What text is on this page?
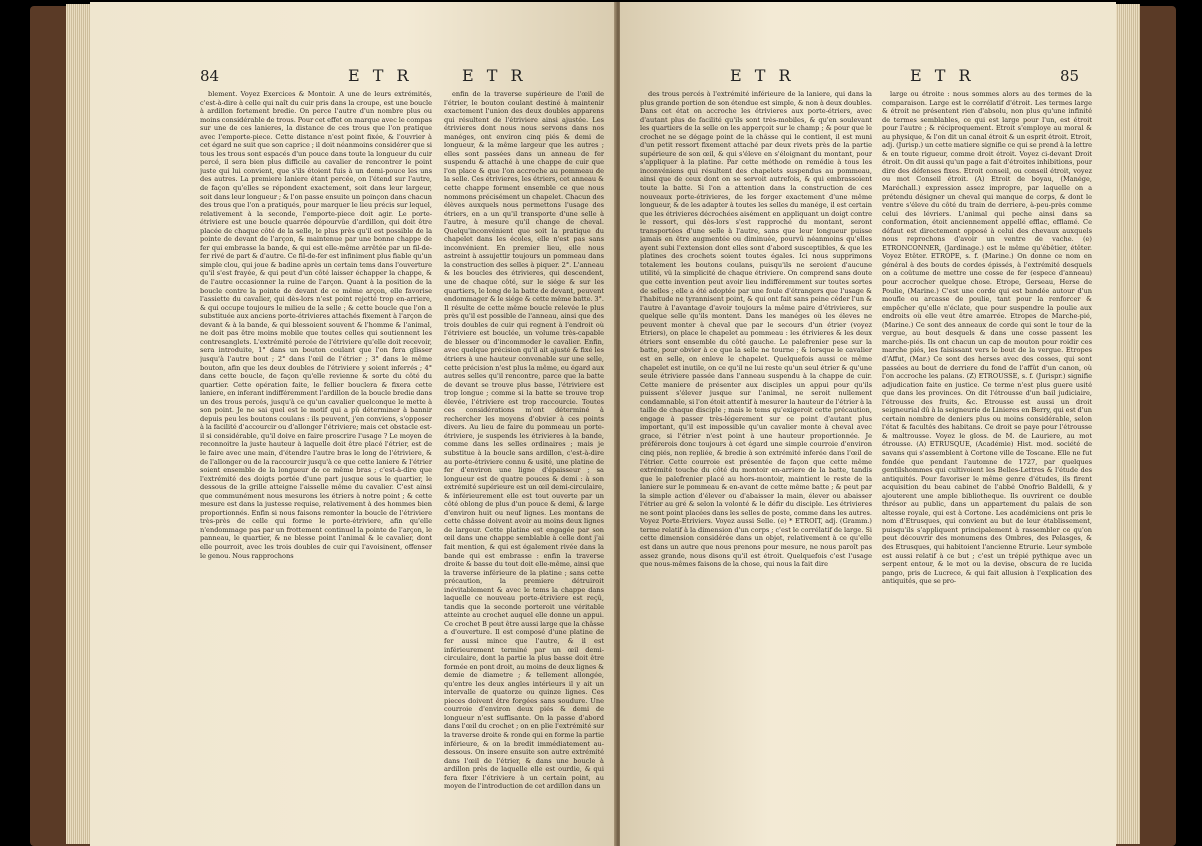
84	E T R	E T R

blement. Voyez Exercices & Montoir. A une de leurs extrémités, c'est-à-dire à celle qui naît du cuir pris dans la croupe, est une boucle à ardillon fortement bredie. On perce l'autre d'un nombre plus ou moins considérable de trous. Pour cet effet on marque avec le compas sur une de ces lanieres, la distance de ces trous que l'on pratique avec l'emporte-piece. Cette distance n'est point fixée, & l'ouvrier à cet égard ne suit que son caprice ; il doit néanmoins considérer que si tous les trous sont espacés d'un pouce dans toute la longueur du cuir percé, il sera bien plus difficile au cavalier de rencontrer le point juste qui lui convient, que s'ils étoient fuis à un demi-pouce les uns des autres. La premiere laniere étant percée, on l'étend sur l'autre, de façon qu'elles se répondent exactement, soit dans leur largeur, soit dans leur longueur ; & l'on passe ensuite un poinçon dans chacun des trous que l'on a pratiqués, pour marquer le lieu précis sur lequel, relativement à la seconde, l'emporte-piece doit agir. Le porte-étriviere est une boucle quarrée dépourvûe d'ardillon, qui doit être placée de chaque côté de la selle, le plus près qu'il est possible de la pointe de devant de l'arçon, & maintenue par une bonne chappe de fer qui embrasse la bande, & qui est elle-même arrêtée par un fil-de-fer rivé de part & d'autre. Ce fil-de-fer est infiniment plus fiable qu'un simple clou, qui joue & badine après un certain tems dans l'ouverture qu'il s'est frayée, & qui peut d'un côté laisser échapper la chappe, & de l'autre occasionner la ruine de l'arçon. Quant à la position de la boucle contre la pointe de devant de ce même arçon, elle favorise l'assiette du cavalier, qui dès-lors n'est point rejetté trop en-arriere, & qui occupe toujours le milieu de la selle ; & cette boucle que l'on a substituée aux anciens porte-étrivieres attachés fixement à l'arçon de devant & à la bande, & qui blessoient souvent & l'homme & l'animal, ne doit pas être moins mobile que toutes celles qui soutiennent les contresanglets. L'extrémité percée de l'étriviere qu'elle doit recevoir, sera introduite, 1° dans un bouton coulant que l'on fera glisser jusqu'à l'autre bout ; 2° dans l'œil de l'étrier ; 3° dans le même bouton, afin que les deux doubles de l'étriviere y soient inferrés ; 4° dans cette boucle, de façon qu'elle revienne & sorte du côté du quartier. Cette opération faite, le fellier bouclera & fixera cette laniere, en inferant indifféremment l'ardillon de la boucle bredie dans un des trous percés, jusqu'à ce qu'un cavalier quelconque le mette à son point. Je ne sai quel est le motif qui a pû déterminer à bannir depuis peu les boutons coulans : ils peuvent, j'en conviens, s'opposer à la facilité d'accourcir ou d'allonger l'étriviere; mais cet obstacle est-il si considérable, qu'il doive en faire proscrire l'usage ? Le moyen de reconnoitre la juste hauteur à laquelle doit être placé l'étrier, est de le faire avec une main, d'étendre l'autre bras le long de l'étriviere, & de l'allonger ou de la raccourcir jusqu'à ce que cette laniere & l'étrier soient ensemble de la longueur de ce même bras ; c'est-à-dire que l'extrémité des doigts portée d'une part jusque sous le quartier, le dessous de la grille atteigne l'aisselle même du cavalier. C'est ainsi que communément nous mesurons les étriers à notre point ; & cette mesure est dans la justesse requise, relativement à des hommes bien proportionnés. Enfin si nous faisons remonter la boucle de l'étriviere très-près de celle qui forme le porte-étriviere, afin qu'elle n'endommage pas par un frottement continuel la pointe de l'arçon, le panneau, le quartier, & ne blesse point l'animal & le cavalier, dont elle pourroit, avec les trois doubles de cuir qui l'avoisinent, offenser le genou. Nous rapprochons

enfin de la traverse supérieure de l'œil de l'étrier, le bouton coulant destiné à maintenir exactement l'union des deux doubles apparens qui résultent de l'étriviere ainsi ajustée. Les étrivieres dont nous nous servons dans nos manéges, ont environ cinq piés & demi de longueur, & la même largeur que les autres ; elles sont passées dans un anneau de fer suspendu & attaché à une chappe de cuir que l'on place & que l'on accroche au pommeau de la selle. Ces étrivieres, les étriers, cet anneau & cette chappe forment ensemble ce que nous nommons précisément un chapelet. Chacun des élèves auxquels nous permettons l'usage des étriers, en a un qu'il transporte d'une selle à l'autre, à mesure qu'il change de cheval. Quelqu'inconvénient que soit la pratique du chapelet dans les écoles, elle n'est pas sans inconvénient. En premier lieu, elle nous astreint à assujettir toujours un pommeau dans la construction des selles à piquer. 2°. L'anneau & les boucles des étrivieres, qui descendent, une de chaque côté, sur le siége & sur les quartiers, le long de la batte de devant, peuvent endommager & le siége & cette même batte. 3°. Il résulte de cette même boucle relevée le plus près qu'il est possible de l'anneau, ainsi que des trois doubles de cuir qui regnent à l'endroit où l'étriviere est bouclée, un volume très-capable de blesser ou d'incommoder le cavalier. Enfin, avec quelque précision qu'il ait ajusté & fixé les étriers à une hauteur convenable sur une selle, cette précision n'est plus la même, eu égard aux autres selles qu'il rencontre, parce que la batte de devant se trouve plus basse, l'étriviere est trop longue ; comme si la batte se trouve trop élevée, l'étriviere est trop raccourcie. Toutes ces considérations m'ont déterminé à rechercher les moyens d'obvier à ces points divers. Au lieu de faire du pommeau un porte-étriviere, je suspends les étrivieres à la bande, comme dans les selles ordinaires ; mais je substitue à la boucle sans ardillon, c'est-à-dire au porte-étriviere connu & usité, une platine de fer d'environ une ligne d'épaisseur ; sa longueur est de quatre pouces & demi : à son extrémité supérieure est un œil demi-circulaire, & inférieurement elle est tout ouverte par un côté oblong de plus d'un pouce & demi, & large d'environ huit ou neuf lignes. Les montans de cette châsse doivent avoir au moins deux lignes de largeur. Cette platine est engagée par son œil dans une chappe semblable à celle dont j'ai fait mention, & qui est également rivée dans la bande qui est embrasse : enfin la traverse droite & basse du tout doit elle-même, ainsi que la traverse inférieure de la platine ; sans cette précaution, la premiere détruiroit inévitablement & avec le tems la chappe dans laquelle ce nouveau porte-étriviere est reçû, tandis que la seconde porteroit une véritable atteinte au crochet auquel elle donne un appui. Ce crochet B peut être aussi large que la châsse a d'ouverture. Il est composé d'une platine de fer aussi mince que l'autre, & il est inférieurement terminé par un œil demi-circulaire, dont la partie la plus basse doit être formée en pont droit, au moins de deux lignes & demie de diametre ; & tellement allongée, qu'entre les deux angles intérieurs il y ait un intervalle de quatorze ou quinze lignes. Ces pieces doivent être forgées sans soudure. Une courroie d'environ deux piés & demi de longueur n'est suffisante. On la passe d'abord dans l'œil du crochet ; on en plie l'extrémité sur la traverse droite & ronde qui en forme la partie inférieure, & on la bredit immédiatement au-dessous. On insere ensuite son autre extrémité dans l'œil de l'étrier, & dans une boucle à ardillon près de laquelle elle est ourdie, & qui fera fixer l'étriviere à un certain point, au moyen de l'introduction de cet ardillon dans un

E T R	E T R	85

des trous percés à l'extrémité inférieure de la laniere, qui dans la plus grande portion de son étendue est simple, & non à deux doubles. Dans cet état on accroche les étrivieres aux porte-étriers, avec d'autant plus de facilité qu'ils sont très-mobiles, & qu'en soulevant les quartiers de la selle on les apperçoit sur le champ ; & pour que le crochet ne se dégage point de la châsse qui le contient, il est muni d'un petit ressort fixement attaché par deux rivets près de la partie supérieure de son œil, & qui s'éleve en s'éloignant du montant, pour s'appliquer à la platine. Par cette méthode on remédie à tous les inconvéniens qui résultent des chapelets suspendus au pommeau, ainsi que de ceux dont on se servoit autrefois, & qui embrassoient toute la batte. Si l'on a attention dans la construction de ces nouveaux porte-étrivieres, de les forger exactement d'une même longueur, & de les adapter à toutes les selles du manége, il est certain que les étrivieres décrochées aisément en appliquant un doigt contre le ressort, qui dès-lors s'est rapproché du montant, seront transportées d'une selle à l'autre, sans que leur longueur puisse jamais en être augmentée ou diminuée, pourvû néanmoins qu'elles ayent subi l'extension dont elles sont d'abord susceptibles, & que les platines des crochets soient toutes égales. Ici nous supprimons totalement les boutons coulans, puisqu'ils ne seroient d'aucune utilité, vû la simplicité de chaque étriviere. On comprend sans doute que cette invention peut avoir lieu indifféremment sur toutes sortes de selles ; elle a été adoptée par une foule d'étrangers que l'usage & l'habitude ne tyrannisent point, & qui ont fait sans peine céder l'un & l'autre à l'avantage d'avoir toujours la même paire d'étrivieres, sur quelque selle qu'ils montent. Dans les manéges où les éleves ne peuvent monter à cheval que par le secours d'un étrier (voyez Etriers), on place le chapelet au pommeau : les étrivieres & les deux étriers sont ensemble du côté gauche. Le palefrenier pese sur la batte, pour obvier à ce que la selle ne tourne ; & lorsque le cavalier est en selle, on enleve le chapelet. Quelquefois aussi ce même chapelet est inutile, on ce qu'il ne lui reste qu'un seul étrier & qu'une seule étriviere passée dans l'anneau suspendu à la chappe de cuir. Cette maniere de présenter aux disciples un appui pour qu'ils puissent s'élever jusque sur l'animal, ne seroit nullement condamnable, si l'on étoit attentif à mesurer la hauteur de l'étrier à la taille de chaque disciple ; mais le tems qu'exigeroit cette précaution, engage à passer très-légerement sur ce point d'autant plus important, qu'il est impossible qu'un cavalier monte à cheval avec grace, si l'étrier n'est point à une hauteur proportionnée. Je préférerois donc toujours à cet égard une simple courroie d'environ cinq piés, non repliée, & bredie à son extrémité inferée dans l'œil de l'étrier. Cette courroie est présentée de façon que cette même extrémité touche du côté du montoir en-arriere de la batte, tandis que le palefrenier placé au hors-montoir, maintient le reste de la laniere sur le pommeau & en-avant de cette même batte ; & peut par la simple action d'élever ou d'abaisser la main, élever ou abaisser l'étrier au gré & selon la volonté & le défir du disciple. Les étrivieres ne sont point placées dans les selles de poste, comme dans les autres. Voyez Porte-Etriviers. Voyez aussi Selle. (e) * ETROIT, adj. (Gramm.) terme relatif à la dimension d'un corps ; c'est le corrélatif de large. Si cette dimension considérée dans un objet, relativement à ce qu'elle est dans un autre que nous prenons pour mesure, ne nous paroît pas assez grande, nous disons qu'il est étroit. Quelquefois c'est l'usage que nous-mêmes faisons de la chose, qui nous la fait dire

large ou étroite : nous sommes alors au des termes de la comparaison. Large est le corrélatif d'étroit. Les termes large & étroit ne présentent rien d'absolu, non plus qu'une infinité de termes semblables, ce qui est large pour l'un, est étroit pour l'autre ; & réciproquement. Etroit s'employe au moral & au physique, & l'on dit un canal étroit & un esprit étroit. Etroit, adj. (Jurisp.) un cette matiere signifie ce qui se prend à la lettre & en toute rigueur, comme droit étroit. Voyez ci-devant Droit étroit. On dit aussi qu'un page a fait d'étroites inhibitions, pour dire des défenses fixes. Etroit conseil, ou conseil étroit, voyez ou mot Conseil étroit. (A) Etroit de boyau, (Manége, Maréchall.) expression assez impropre, par laquelle on a prétendu désigner un cheval qui manque de corps, & dont le ventre s'éleve du côté du train de derriere, à-peu-près comme celui des lévriers. L'animal qui peche ainsi dans sa conformation, étoit anciennement appellé efflac, efflamé. Ce défaut est directement opposé à celui des chevaux auxquels nous reprochons d'avoir un ventre de vache. (e) ETRONCONNER, (Jardinage.) est le même qu'ébêtier, étêter. Voyez Etêter. ETROPE, s. f. (Marine.) On donne ce nom en général à des bouts de cordes épissés, à l'extrémité desquels on a coûtume de mettre une cosse de fer (espece d'anneau) pour accrocher quelque chose. Etrope, Gerseau, Herse de Poulie, (Marine.) C'est une corde qui est bandée autour d'un moufle ou arcasse de poulie, tant pour la renforcer & empêcher qu'elle n'éclate, que pour suspendre la poulie aux endroits où elle veut être amarrée. Etropes de Marche-pié, (Marine.) Ce sont des anneaux de corde qui sont le tour de la vergue, au bout desquels & dans une cosse passent les marche-piés. Ils ont chacun un cap de mouton pour roidir ces marche piés, les faisissant vers le bout de la vergue. Etropes d'Affut, (Mar.) Ce sont des herses avec des cosses, qui sont passées au bout de derriere du fond de l'affût d'un canon, où l'on accroche les palans. (Z) ETROUSSE, s. f. (Jurispr.) signifie adjudication faite en justice. Ce terme n'est plus guere usité que dans les provinces. On dit l'étrousse d'un bail judiciaire, l'étrousse des fruits, &c. Etrousse est aussi un droit seigneurial dû à la seigneurie de Linieres en Berry, qui est d'un certain nombre de deniers plus ou moins considérable, selon l'état & facultés des habitans. Ce droit se paye pour l'étrousse & maltrousse. Voyez le gloss. de M. de Lauriere, au mot étrousse. (A) ETRUSQUE, (Académie) Hist. mod. société de savans qui s'assemblent à Cortone ville de Toscane. Elle ne fut fondée que pendant l'automne de 1727, par quelques gentilshommes qui cultivoient les Belles-Lettres & l'étude des antiquités. Pour favoriser le même genre d'études, ils firent acquisition du beau cabinet de l'abbé Onofrio Baldelli, & y ajouterent une ample bibliotheque. Ils ouvrirent ce double thrésor au public, dans un appartement du palais de son altesse royale, qui est à Cortone. Les académiciens ont pris le nom d'Etrusques, qui convient au but de leur établissement, puisqu'ils s'appliquent principalement à rassembler ce qu'on peut découvrir des monumens des Ombres, des Pelasges, & des Etrusques, qui habitoient l'ancienne Etrurie. Leur symbole est aussi relatif à ce but ; c'est un trépié pythique avec un serpent entour, & le mot ou la devise, obscura de re lucida pango, pris de Lucrece, & qui fait allusion à l'explication des antiquités, que se pro-
